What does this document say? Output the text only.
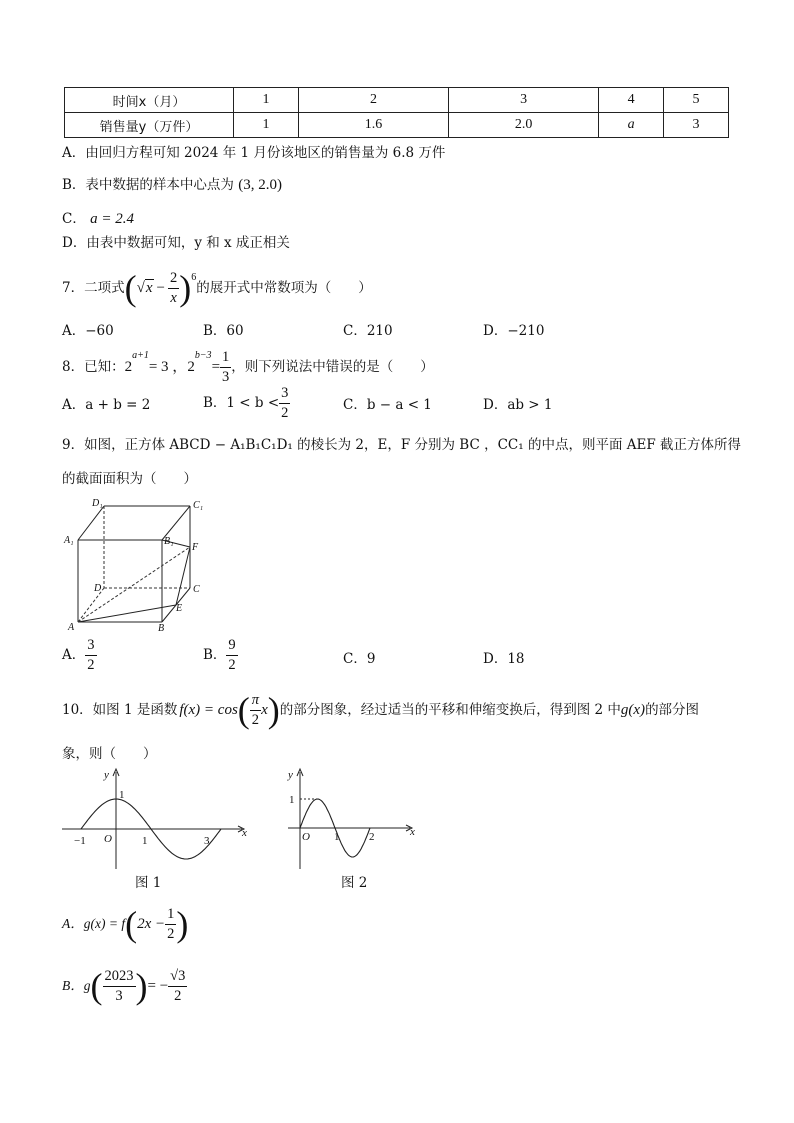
时间x（月）	1	2	3	4	5
销售量y（万件）	1	1.6	2.0	a	3
A．由回归方程可知 2024 年 1 月份该地区的销售量为 6.8 万件
B．表中数据的样本中心点为 (3, 2.0)
C． a = 2.4
D．由表中数据可知，y 和 x 成正相关
7．二项式 ( $√x - \frac{2}{x}$ ) 6
的展开式中常数项为（　　）
A．−60	B．60	C．210	D．−210
8．已知： 2
a+1
= 3 ， 2
b−3
= $\frac{1}{3}$ ，则下列说法中错误的是（　　）
A．a + b = 2	B．$1 < b < \frac{3}{2}$	C．b − a < 1	D．ab > 1
9．如图，正方体 ABCD − A₁B₁C₁D₁ 的棱长为 2，E，F 分别为 BC ，CC₁ 的中点，则平面 AEF 截正方体所得
的截面面积为（　　）
D₁	C₁
A₁	B₁
F
D	C
E
A	B
A． $\frac{3}{2}$	B． $\frac{9}{2}$	C．9	D．18
10．如图 1 是函数 f(x) = cos ( $\frac{\pi}{2}$ x ) 的部分图象，经过适当的平移和伸缩变换后，得到图 2 中 g(x) 的部分图
象，则（　　）
y
x
1
O
−1	1	3
图 1
y
x
1
O 1	2
图 2
A．g(x) = f ( $2x - \frac{1}{2}$ )
B．g ( $\frac{2023}{3}$ ) = − $\frac{√3}{2}$
